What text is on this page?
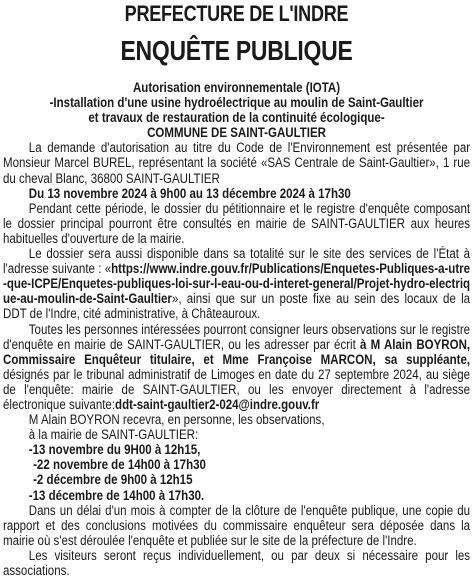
PREFECTURE DE L'INDRE
ENQUÊTE PUBLIQUE
Autorisation environnementale (IOTA)
-Installation d'une usine hydroélectrique au moulin de Saint-Gaultier
et travaux de restauration de la continuité écologique-
COMMUNE DE SAINT-GAULTIER

La demande d'autorisation au titre du Code de l'Environnement est présentée par Monsieur Marcel BUREL, représentant la société «SAS Centrale de Saint-Gaultier», 1 rue du cheval Blanc, 36800 SAINT-GAULTIER

Du 13 novembre 2024 à 9h00 au 13 décembre 2024 à 17h30

Pendant cette période, le dossier du pétitionnaire et le registre d'enquête composant le dossier principal pourront être consultés en mairie de SAINT-GAULTIER aux heures habituelles d'ouverture de la mairie.

Le dossier sera aussi disponible dans sa totalité sur le site des services de l'État à l'adresse suivante : «https://www.indre.gouv.fr/Publications/Enquetes-Publiques-a-utre-que-ICPE/Enquetes-publiques-loi-sur-l-eau-ou-d-interet-general/Projet-hydro-electrique-au-moulin-de-Saint-Gaultier», ainsi que sur un poste fixe au sein des locaux de la DDT de l'Indre, cité administrative, à Châteauroux.

Toutes les personnes intéressées pourront consigner leurs observations sur le registre d'enquête en mairie de SAINT-GAULTIER, ou les adresser par écrit à M Alain BOYRON, Commissaire Enquêteur titulaire, et Mme Françoise MARCON, sa suppléante, désignés par le tribunal administratif de Limoges en date du 27 septembre 2024, au siège de l'enquête: mairie de SAINT-GAULTIER, ou les envoyer directement à l'adresse électronique suivante:ddt-saint-gaultier2-024@indre.gouv.fr

M Alain BOYRON recevra, en personne, les observations,
à la mairie de SAINT-GAULTIER:
-13 novembre du 9H00 à 12h15,
-22 novembre de 14h00 à 17h30
-2 décembre de 9h00 à 12h15
-13 décembre de 14h00 à 17h30.

Dans un délai d'un mois à compter de la clôture de l'enquête publique, une copie du rapport et des conclusions motivées du commissaire enquêteur sera déposée dans la mairie où s'est déroulée l'enquête et publiée sur le site de la préfecture de l'Indre.

Les visiteurs seront reçus individuellement, ou par deux si nécessaire pour les associations.
